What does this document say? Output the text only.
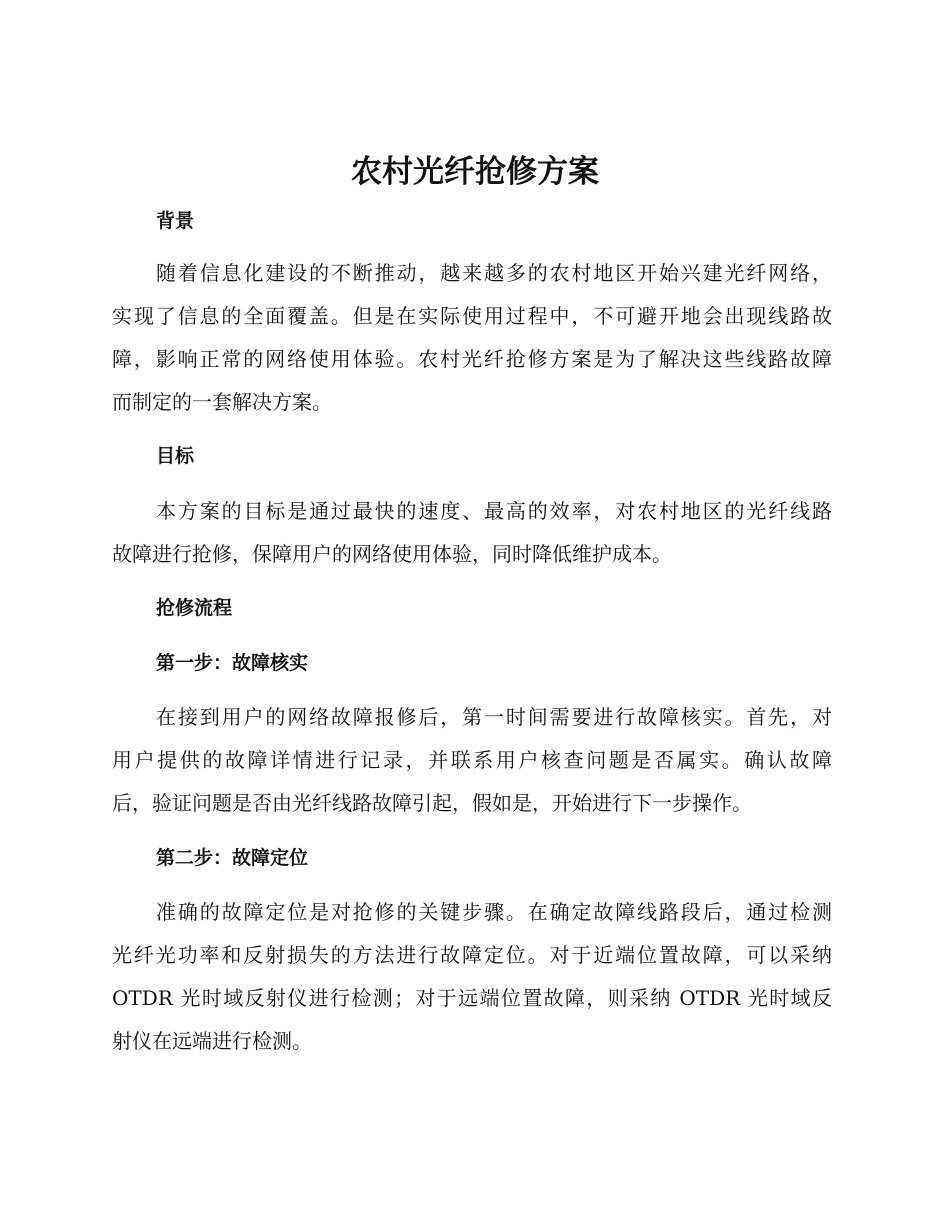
农村光纤抢修方案
背景
随着信息化建设的不断推动，越来越多的农村地区开始兴建光纤网络，
实现了信息的全面覆盖。但是在实际使用过程中，不可避开地会出现线路故
障，影响正常的网络使用体验。农村光纤抢修方案是为了解决这些线路故障
而制定的一套解决方案。
目标
本方案的目标是通过最快的速度、最高的效率，对农村地区的光纤线路
故障进行抢修，保障用户的网络使用体验，同时降低维护成本。
抢修流程
第一步：故障核实
在接到用户的网络故障报修后，第一时间需要进行故障核实。首先，对
用户提供的故障详情进行记录，并联系用户核查问题是否属实。确认故障
后，验证问题是否由光纤线路故障引起，假如是，开始进行下一步操作。
第二步：故障定位
准确的故障定位是对抢修的关键步骤。在确定故障线路段后，通过检测
光纤光功率和反射损失的方法进行故障定位。对于近端位置故障，可以采纳
OTDR 光时域反射仪进行检测；对于远端位置故障，则采纳 OTDR 光时域反
射仪在远端进行检测。
